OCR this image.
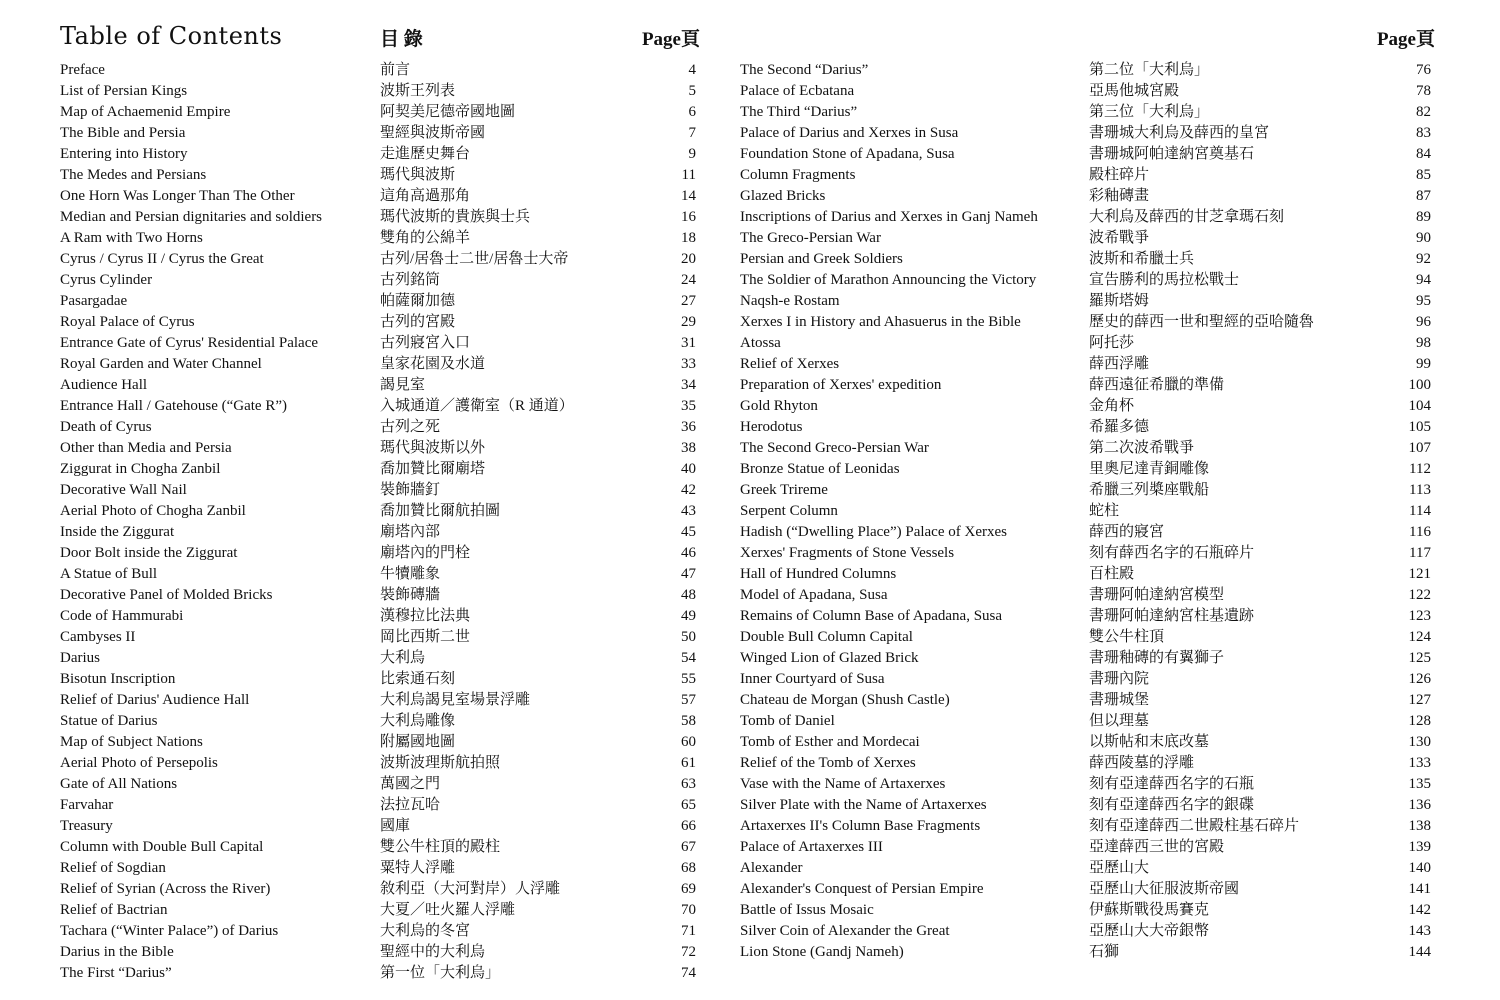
Table of Contents	目 錄	Page頁
Preface	前言	4
List of Persian Kings	波斯王列表	5
Map of Achaemenid Empire	阿契美尼德帝國地圖	6
The Bible and Persia	聖經與波斯帝國	7
Entering into History	走進歷史舞台	9
The Medes and Persians	瑪代與波斯	11
One Horn Was Longer Than The Other	這角高過那角	14
Median and Persian dignitaries and soldiers	瑪代波斯的貴族與士兵	16
A Ram with Two Horns	雙角的公綿羊	18
Cyrus / Cyrus II / Cyrus the Great	古列/居魯士二世/居魯士大帝	20
Cyrus Cylinder	古列銘筒	24
Pasargadae	帕薩爾加德	27
Royal Palace of Cyrus	古列的宮殿	29
Entrance Gate of Cyrus' Residential Palace	古列寢宮入口	31
Royal Garden and Water Channel	皇家花園及水道	33
Audience Hall	謁見室	34
Entrance Hall / Gatehouse (“Gate R”)	入城通道／護衛室（R 通道）	35
Death of Cyrus	古列之死	36
Other than Media and Persia	瑪代與波斯以外	38
Ziggurat in Chogha Zanbil	喬加贊比爾廟塔	40
Decorative Wall Nail	裝飾牆釘	42
Aerial Photo of Chogha Zanbil	喬加贊比爾航拍圖	43
Inside the Ziggurat	廟塔內部	45
Door Bolt inside the Ziggurat	廟塔內的門栓	46
A Statue of Bull	牛犢雕象	47
Decorative Panel of Molded Bricks	裝飾磚牆	48
Code of Hammurabi	漢穆拉比法典	49
Cambyses II	岡比西斯二世	50
Darius	大利烏	54
Bisotun Inscription	比索通石刻	55
Relief of Darius' Audience Hall	大利烏謁見室場景浮雕	57
Statue of Darius	大利烏雕像	58
Map of Subject Nations	附屬國地圖	60
Aerial Photo of Persepolis	波斯波理斯航拍照	61
Gate of All Nations	萬國之門	63
Farvahar	法拉瓦哈	65
Treasury	國庫	66
Column with Double Bull Capital	雙公牛柱頂的殿柱	67
Relief of Sogdian	粟特人浮雕	68
Relief of Syrian (Across the River)	敘利亞（大河對岸）人浮雕	69
Relief of Bactrian	大夏／吐火羅人浮雕	70
Tachara (“Winter Palace”) of Darius	大利烏的冬宮	71
Darius in the Bible	聖經中的大利烏	72
The First “Darius”	第一位「大利烏」	74
Page頁
The Second “Darius”	第二位「大利烏」	76
Palace of Ecbatana	亞馬他城宮殿	78
The Third “Darius”	第三位「大利烏」	82
Palace of Darius and Xerxes in Susa	書珊城大利烏及薛西的皇宮	83
Foundation Stone of Apadana, Susa	書珊城阿帕達納宮奠基石	84
Column Fragments	殿柱碎片	85
Glazed Bricks	彩釉磚畫	87
Inscriptions of Darius and Xerxes in Ganj Nameh	大利烏及薛西的甘芝拿瑪石刻	89
The Greco-Persian War	波希戰爭	90
Persian and Greek Soldiers	波斯和希臘士兵	92
The Soldier of Marathon Announcing the Victory	宣告勝利的馬拉松戰士	94
Naqsh-e Rostam	羅斯塔姆	95
Xerxes I in History and Ahasuerus in the Bible	歷史的薛西一世和聖經的亞哈隨魯	96
Atossa	阿托莎	98
Relief of Xerxes	薛西浮雕	99
Preparation of Xerxes' expedition	薛西遠征希臘的準備	100
Gold Rhyton	金角杯	104
Herodotus	希羅多德	105
The Second Greco-Persian War	第二次波希戰爭	107
Bronze Statue of Leonidas	里奧尼達青銅雕像	112
Greek Trireme	希臘三列槳座戰船	113
Serpent Column	蛇柱	114
Hadish (“Dwelling Place”) Palace of Xerxes	薛西的寢宮	116
Xerxes' Fragments of Stone Vessels	刻有薛西名字的石瓶碎片	117
Hall of Hundred Columns	百柱殿	121
Model of Apadana, Susa	書珊阿帕達納宮模型	122
Remains of Column Base of Apadana, Susa	書珊阿帕達納宮柱基遺跡	123
Double Bull Column Capital	雙公牛柱頂	124
Winged Lion of Glazed Brick	書珊釉磚的有翼獅子	125
Inner Courtyard of Susa	書珊內院	126
Chateau de Morgan (Shush Castle)	書珊城堡	127
Tomb of Daniel	但以理墓	128
Tomb of Esther and Mordecai	以斯帖和末底改墓	130
Relief of the Tomb of Xerxes	薛西陵墓的浮雕	133
Vase with the Name of Artaxerxes	刻有亞達薛西名字的石瓶	135
Silver Plate with the Name of Artaxerxes	刻有亞達薛西名字的銀碟	136
Artaxerxes II's Column Base Fragments	刻有亞達薛西二世殿柱基石碎片	138
Palace of Artaxerxes III	亞達薛西三世的宮殿	139
Alexander	亞歷山大	140
Alexander's Conquest of Persian Empire	亞歷山大征服波斯帝國	141
Battle of Issus Mosaic	伊蘇斯戰役馬賽克	142
Silver Coin of Alexander the Great	亞歷山大大帝銀幣	143
Lion Stone (Gandj Nameh)	石獅	144
